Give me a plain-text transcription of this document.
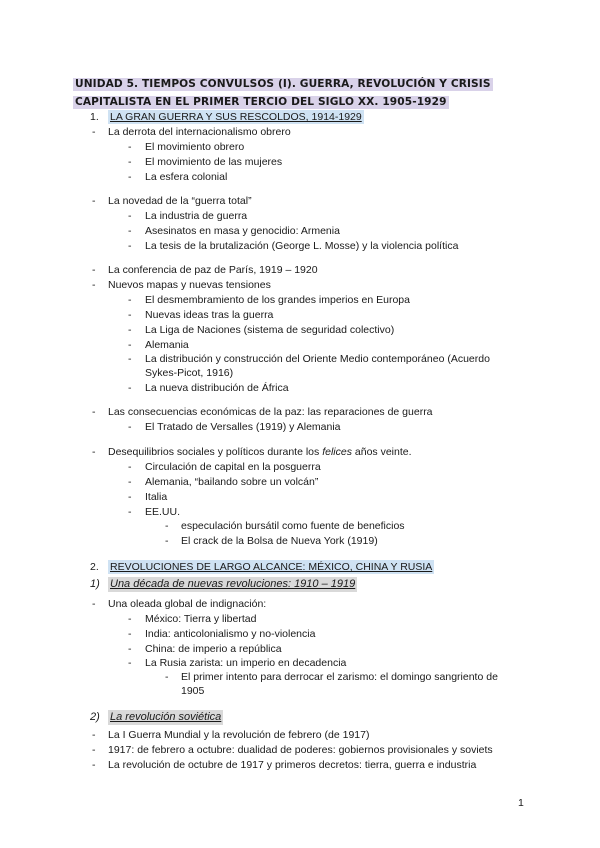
UNIDAD 5. TIEMPOS CONVULSOS (I). GUERRA, REVOLUCIÓN Y CRISIS
CAPITALISTA EN EL PRIMER TERCIO DEL SIGLO XX. 1905-1929
1. LA GRAN GUERRA Y SUS RESCOLDOS, 1914-1929
- La derrota del internacionalismo obrero
- El movimiento obrero
- El movimiento de las mujeres
- La esfera colonial
- La novedad de la “guerra total”
- La industria de guerra
- Asesinatos en masa y genocidio: Armenia
- La tesis de la brutalización (George L. Mosse) y la violencia política
- La conferencia de paz de París, 1919 – 1920
- Nuevos mapas y nuevas tensiones
- El desmembramiento de los grandes imperios en Europa
- Nuevas ideas tras la guerra
- La Liga de Naciones (sistema de seguridad colectivo)
- Alemania
- La distribución y construcción del Oriente Medio contemporáneo (Acuerdo
Sykes-Picot, 1916)
- La nueva distribución de África
- Las consecuencias económicas de la paz: las reparaciones de guerra
- El Tratado de Versalles (1919) y Alemania
- Desequilibrios sociales y políticos durante los felices años veinte.
- Circulación de capital en la posguerra
- Alemania, “bailando sobre un volcán”
- Italia
- EE.UU.
- especulación bursátil como fuente de beneficios
- El crack de la Bolsa de Nueva York (1919)
2. REVOLUCIONES DE LARGO ALCANCE: MÉXICO, CHINA Y RUSIA
1) Una década de nuevas revoluciones: 1910 – 1919
- Una oleada global de indignación:
- México: Tierra y libertad
- India: anticolonialismo y no-violencia
- China: de imperio a república
- La Rusia zarista: un imperio en decadencia
- El primer intento para derrocar el zarismo: el domingo sangriento de
1905
2) La revolución soviética
- La I Guerra Mundial y la revolución de febrero (de 1917)
- 1917: de febrero a octubre: dualidad de poderes: gobiernos provisionales y soviets
- La revolución de octubre de 1917 y primeros decretos: tierra, guerra e industria
1
